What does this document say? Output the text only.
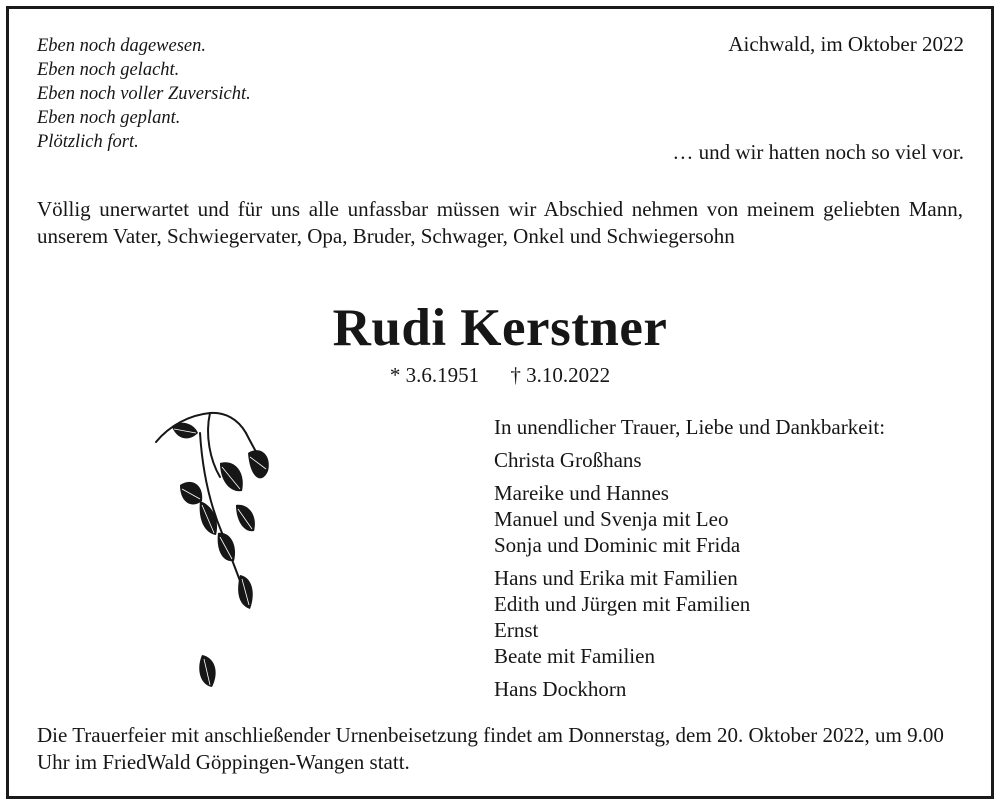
Eben noch dagewesen.
Eben noch gelacht.
Eben noch voller Zuversicht.
Eben noch geplant.
Plötzlich fort.
Aichwald, im Oktober 2022
… und wir hatten noch so viel vor.
Völlig unerwartet und für uns alle unfassbar müssen wir Abschied nehmen von meinem geliebten Mann, unserem Vater, Schwiegervater, Opa, Bruder, Schwager, Onkel und Schwiegersohn
Rudi Kerstner
* 3.6.1951 † 3.10.2022
In unendlicher Trauer, Liebe und Dankbarkeit:
Christa Großhans
Mareike und Hannes
Manuel und Svenja mit Leo
Sonja und Dominic mit Frida
Hans und Erika mit Familien
Edith und Jürgen mit Familien
Ernst
Beate mit Familien
Hans Dockhorn
Die Trauerfeier mit anschließender Urnenbeisetzung findet am Donnerstag, dem 20. Oktober 2022, um 9.00 Uhr im FriedWald Göppingen-Wangen statt.
